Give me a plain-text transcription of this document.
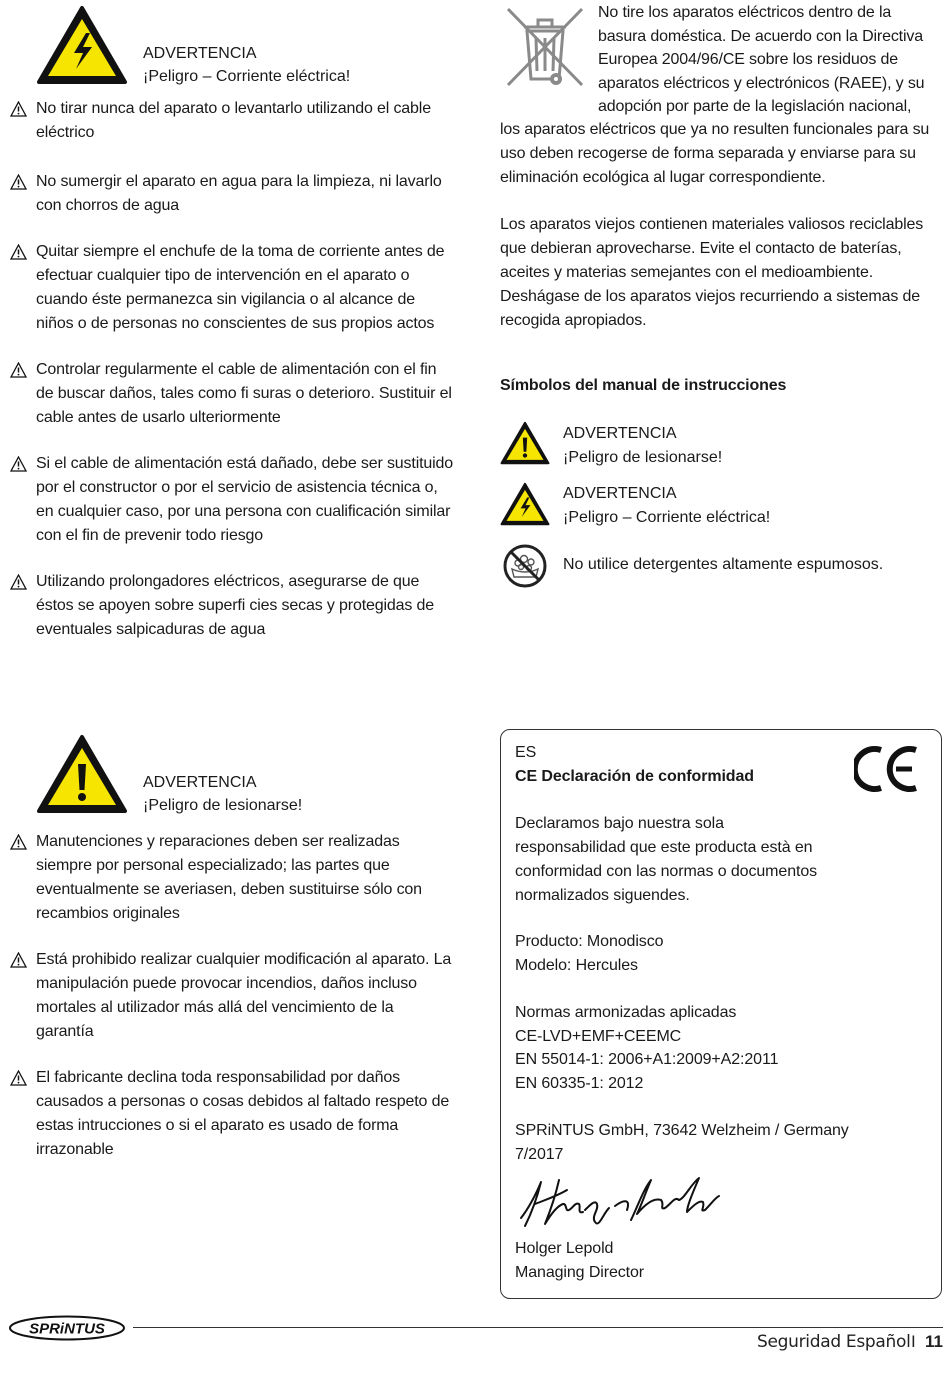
ADVERTENCIA
¡Peligro – Corriente eléctrica!
No tirar nunca del aparato o levantarlo utilizando el cable eléctrico
No sumergir el aparato en agua para la limpieza, ni lavarlo con chorros de agua
Quitar siempre el enchufe de la toma de corriente antes de efectuar cualquier tipo de intervención en el aparato o cuando éste permanezca sin vigilancia o al alcance de niños o de personas no conscientes de sus propios actos
Controlar regularmente el cable de alimentación con el fin de buscar daños, tales como fi suras o deterioro. Sustituir el cable antes de usarlo ulteriormente
Si el cable de alimentación está dañado, debe ser sustituido por el constructor o por el servicio de asistencia técnica o, en cualquier caso, por una persona con cualificación similar con el fin de prevenir todo riesgo
Utilizando prolongadores eléctricos, asegurarse de que éstos se apoyen sobre superfi cies secas y protegidas de eventuales salpicaduras de agua
ADVERTENCIA
¡Peligro de lesionarse!
Manutenciones y reparaciones deben ser realizadas siempre por personal especializado; las partes que eventualmente se averiasen, deben sustituirse sólo con recambios originales
Está prohibido realizar cualquier modificación al aparato. La manipulación puede provocar incendios, daños incluso mortales al utilizador más allá del vencimiento de la garantía
El fabricante declina toda responsabilidad por daños causados a personas o cosas debidos al faltado respeto de estas intrucciones o si el aparato es usado de forma irrazonable
No tire los aparatos eléctricos dentro de la
basura doméstica. De acuerdo con la Directiva
Europea 2004/96/CE sobre los residuos de
aparatos eléctricos y electrónicos (RAEE), y su
adopción por parte de la legislación nacional,
los aparatos eléctricos que ya no resulten funcionales para su uso deben recogerse de forma separada y enviarse para su eliminación ecológica al lugar correspondiente.
Los aparatos viejos contienen materiales valiosos reciclables que debieran aprovecharse. Evite el contacto de baterías, aceites y materias semejantes con el medioambiente. Deshágase de los aparatos viejos recurriendo a sistemas de recogida apropiados.
Símbolos del manual de instrucciones
ADVERTENCIA
¡Peligro de lesionarse!
ADVERTENCIA
¡Peligro – Corriente eléctrica!
No utilice detergentes altamente espumosos.
ES
CE Declaración de conformidad
Declaramos bajo nuestra sola responsabilidad que este producta està en conformidad con las normas o documentos normalizados siguendes.
Producto: Monodisco
Modelo: Hercules
Normas armonizadas aplicadas
CE-LVD+EMF+CEEMC
EN 55014-1: 2006+A1:2009+A2:2011
EN 60335-1: 2012
SPRiNTUS GmbH, 73642 Welzheim / Germany
7/2017
Holger Lepold
Managing Director
SPRiNTUS
Seguridad Español I 11
